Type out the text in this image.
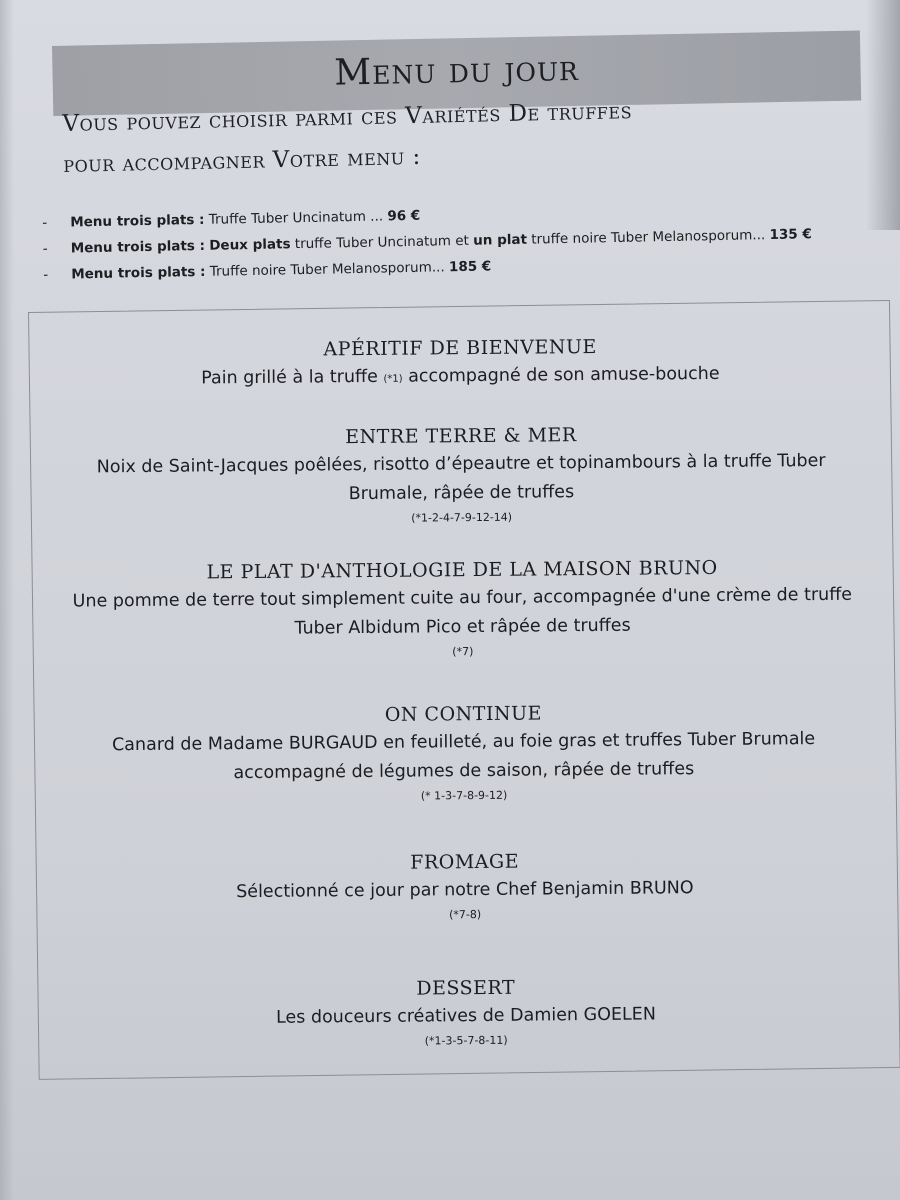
Menu du jour
Vous pouvez choisir parmi ces Variétés De truffes
pour accompagner Votre menu :
- Menu trois plats : Truffe Tuber Uncinatum ... 96 €
- Menu trois plats : Deux plats truffe Tuber Uncinatum et un plat truffe noire Tuber Melanosporum... 135 €
- Menu trois plats : Truffe noire Tuber Melanosporum... 185 €
APÉRITIF DE BIENVENUE
Pain grillé à la truffe (*1) accompagné de son amuse-bouche
ENTRE TERRE & MER
Noix de Saint-Jacques poêlées, risotto d’épeautre et topinambours à la truffe Tuber
Brumale, râpée de truffes
(*1-2-4-7-9-12-14)
LE PLAT D'ANTHOLOGIE DE LA MAISON BRUNO
Une pomme de terre tout simplement cuite au four, accompagnée d'une crème de truffe
Tuber Albidum Pico et râpée de truffes
(*7)
ON CONTINUE
Canard de Madame BURGAUD en feuilleté, au foie gras et truffes Tuber Brumale
accompagné de légumes de saison, râpée de truffes
(* 1-3-7-8-9-12)
FROMAGE
Sélectionné ce jour par notre Chef Benjamin BRUNO
(*7-8)
DESSERT
Les douceurs créatives de Damien GOELEN
(*1-3-5-7-8-11)
